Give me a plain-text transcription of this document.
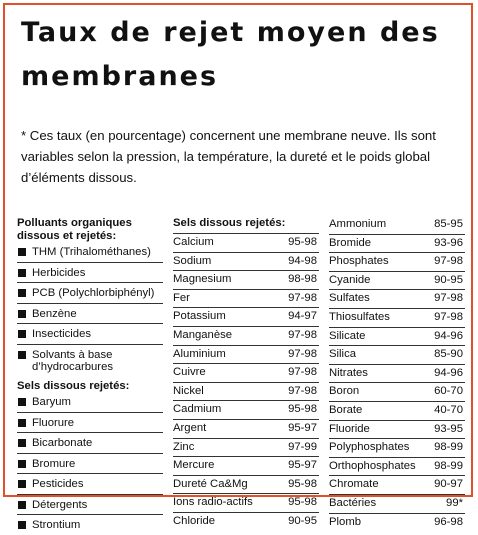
Taux de rejet moyen des membranes
* Ces taux (en pourcentage) concernent une membrane neuve. Ils sont variables selon la pression, la température, la dureté et le poids global d’éléments dissous.
Polluants organiques dissous et rejetés:
THM (Trihalométhanes)
Herbicides
PCB (Polychlorbiphényl)
Benzène
Insecticides
Solvants à base d’hydrocarbures
Sels dissous rejetés:
Baryum
Fluorure
Bicarbonate
Bromure
Pesticides
Détergents
Strontium
Sels dissous rejetés:
Calcium	95-98
Sodium	94-98
Magnesium	98-98
Fer	97-98
Potassium	94-97
Manganèse	97-98
Aluminium	97-98
Cuivre	97-98
Nickel	97-98
Cadmium	95-98
Argent	95-97
Zinc	97-99
Mercure	95-97
Dureté Ca&Mg	95-98
Ions radio-actifs	95-98
Chloride	90-95
Ammonium	85-95
Bromide	93-96
Phosphates	97-98
Cyanide	90-95
Sulfates	97-98
Thiosulfates	97-98
Silicate	94-96
Silica	85-90
Nitrates	94-96
Boron	60-70
Borate	40-70
Fluoride	93-95
Polyphosphates 98-99
Orthophosphates 98-99
Chromate	90-97
Bactéries	99*
Plomb	96-98
